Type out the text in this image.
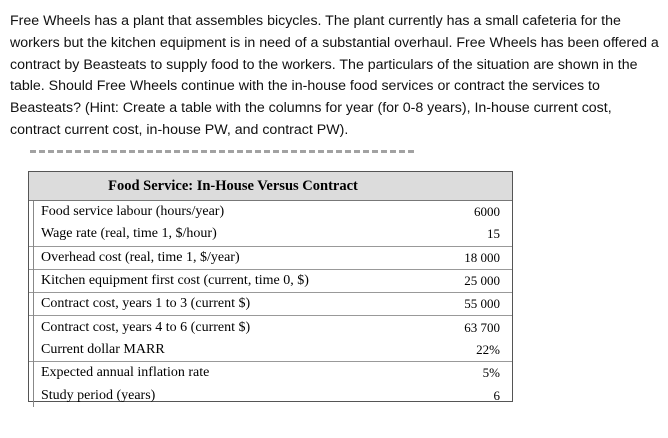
Free Wheels has a plant that assembles bicycles. The plant currently has a small cafeteria for the workers but the kitchen equipment is in need of a substantial overhaul. Free Wheels has been offered a contract by Beasteats to supply food to the workers. The particulars of the situation are shown in the table. Should Free Wheels continue with the in-house food services or contract the services to Beasteats? (Hint: Create a table with the columns for year (for 0-8 years), In-house current cost, contract current cost, in-house PW, and contract PW).

Food Service: In-House Versus Contract
Food service labour (hours/year)	6000
Wage rate (real, time 1, $/hour)	15
Overhead cost (real, time 1, $/year)	18 000
Kitchen equipment first cost (current, time 0, $)	25 000
Contract cost, years 1 to 3 (current $)	55 000
Contract cost, years 4 to 6 (current $)	63 700
Current dollar MARR	22%
Expected annual inflation rate	5%
Study period (years)	6
